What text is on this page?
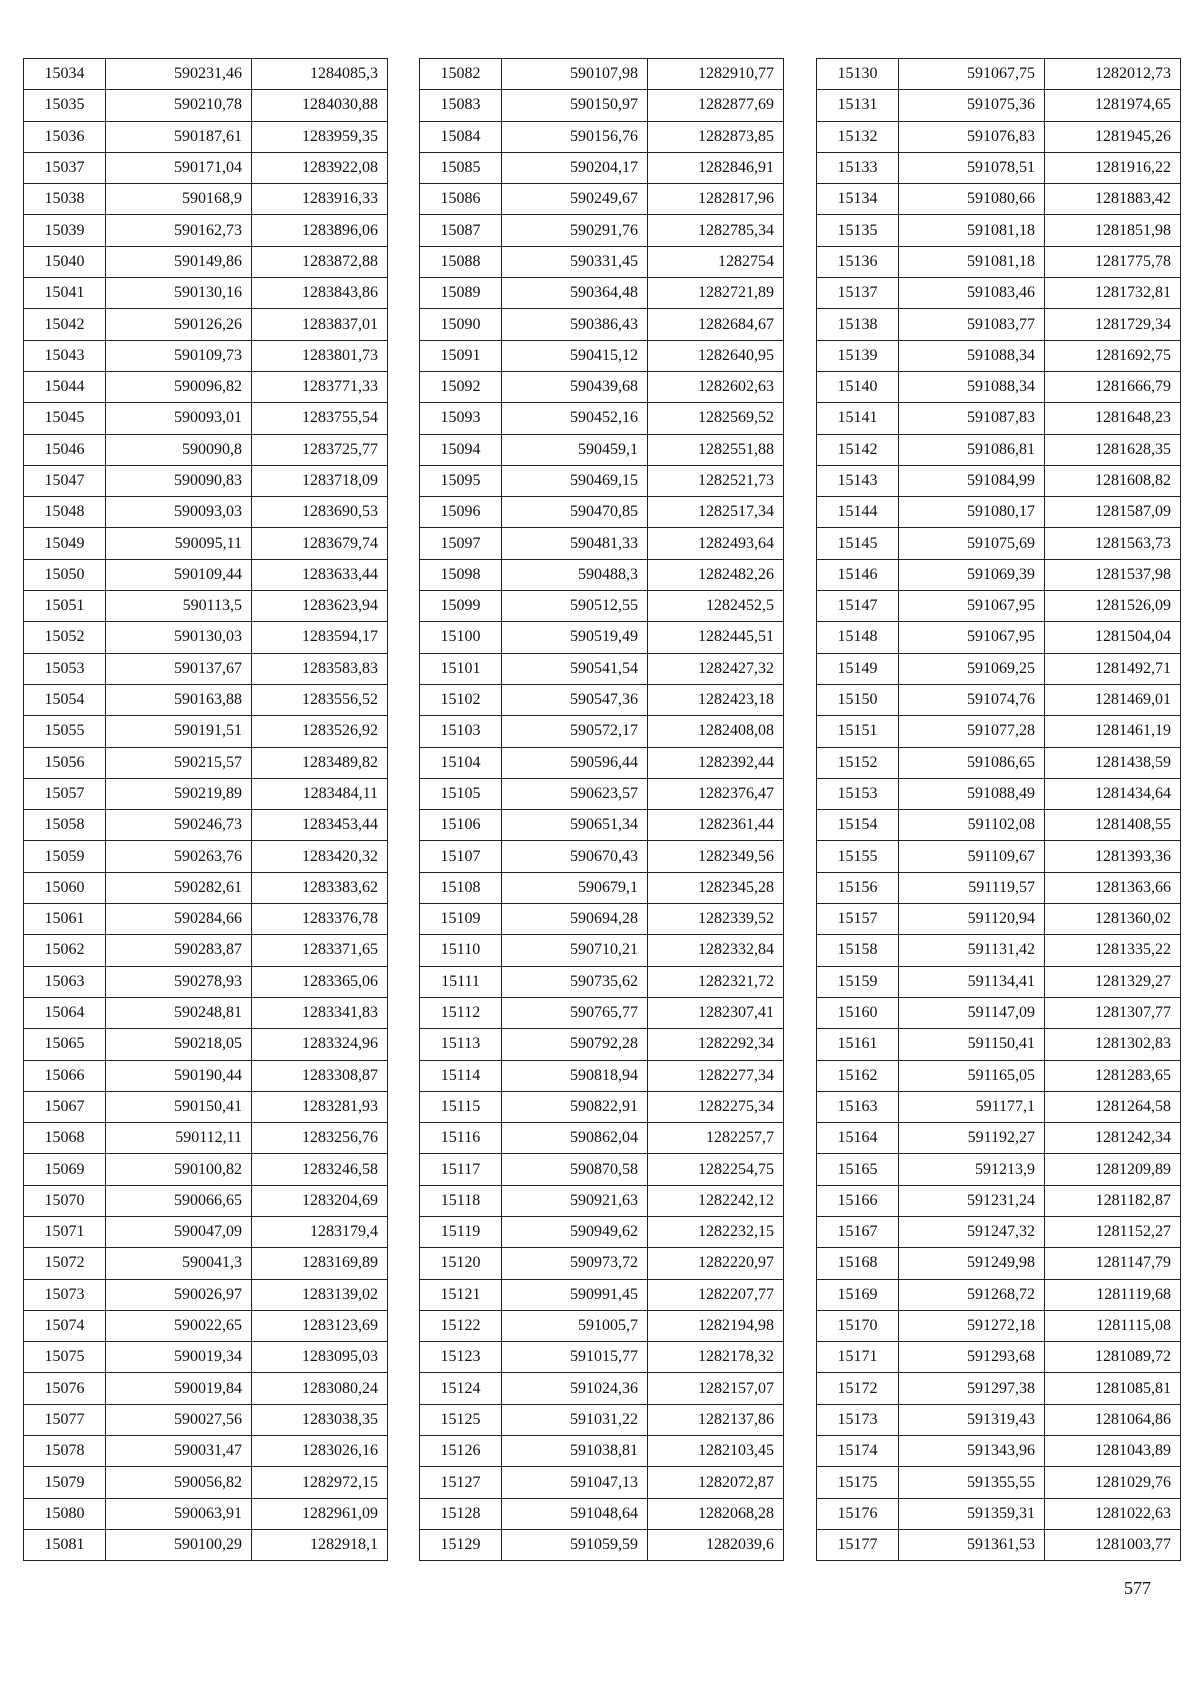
15034	590231,46	1284085,3
15035	590210,78	1284030,88
15036	590187,61	1283959,35
15037	590171,04	1283922,08
15038	590168,9	1283916,33
15039	590162,73	1283896,06
15040	590149,86	1283872,88
15041	590130,16	1283843,86
15042	590126,26	1283837,01
15043	590109,73	1283801,73
15044	590096,82	1283771,33
15045	590093,01	1283755,54
15046	590090,8	1283725,77
15047	590090,83	1283718,09
15048	590093,03	1283690,53
15049	590095,11	1283679,74
15050	590109,44	1283633,44
15051	590113,5	1283623,94
15052	590130,03	1283594,17
15053	590137,67	1283583,83
15054	590163,88	1283556,52
15055	590191,51	1283526,92
15056	590215,57	1283489,82
15057	590219,89	1283484,11
15058	590246,73	1283453,44
15059	590263,76	1283420,32
15060	590282,61	1283383,62
15061	590284,66	1283376,78
15062	590283,87	1283371,65
15063	590278,93	1283365,06
15064	590248,81	1283341,83
15065	590218,05	1283324,96
15066	590190,44	1283308,87
15067	590150,41	1283281,93
15068	590112,11	1283256,76
15069	590100,82	1283246,58
15070	590066,65	1283204,69
15071	590047,09	1283179,4
15072	590041,3	1283169,89
15073	590026,97	1283139,02
15074	590022,65	1283123,69
15075	590019,34	1283095,03
15076	590019,84	1283080,24
15077	590027,56	1283038,35
15078	590031,47	1283026,16
15079	590056,82	1282972,15
15080	590063,91	1282961,09
15081	590100,29	1282918,1
15082	590107,98	1282910,77
15083	590150,97	1282877,69
15084	590156,76	1282873,85
15085	590204,17	1282846,91
15086	590249,67	1282817,96
15087	590291,76	1282785,34
15088	590331,45	1282754
15089	590364,48	1282721,89
15090	590386,43	1282684,67
15091	590415,12	1282640,95
15092	590439,68	1282602,63
15093	590452,16	1282569,52
15094	590459,1	1282551,88
15095	590469,15	1282521,73
15096	590470,85	1282517,34
15097	590481,33	1282493,64
15098	590488,3	1282482,26
15099	590512,55	1282452,5
15100	590519,49	1282445,51
15101	590541,54	1282427,32
15102	590547,36	1282423,18
15103	590572,17	1282408,08
15104	590596,44	1282392,44
15105	590623,57	1282376,47
15106	590651,34	1282361,44
15107	590670,43	1282349,56
15108	590679,1	1282345,28
15109	590694,28	1282339,52
15110	590710,21	1282332,84
15111	590735,62	1282321,72
15112	590765,77	1282307,41
15113	590792,28	1282292,34
15114	590818,94	1282277,34
15115	590822,91	1282275,34
15116	590862,04	1282257,7
15117	590870,58	1282254,75
15118	590921,63	1282242,12
15119	590949,62	1282232,15
15120	590973,72	1282220,97
15121	590991,45	1282207,77
15122	591005,7	1282194,98
15123	591015,77	1282178,32
15124	591024,36	1282157,07
15125	591031,22	1282137,86
15126	591038,81	1282103,45
15127	591047,13	1282072,87
15128	591048,64	1282068,28
15129	591059,59	1282039,6
15130	591067,75	1282012,73
15131	591075,36	1281974,65
15132	591076,83	1281945,26
15133	591078,51	1281916,22
15134	591080,66	1281883,42
15135	591081,18	1281851,98
15136	591081,18	1281775,78
15137	591083,46	1281732,81
15138	591083,77	1281729,34
15139	591088,34	1281692,75
15140	591088,34	1281666,79
15141	591087,83	1281648,23
15142	591086,81	1281628,35
15143	591084,99	1281608,82
15144	591080,17	1281587,09
15145	591075,69	1281563,73
15146	591069,39	1281537,98
15147	591067,95	1281526,09
15148	591067,95	1281504,04
15149	591069,25	1281492,71
15150	591074,76	1281469,01
15151	591077,28	1281461,19
15152	591086,65	1281438,59
15153	591088,49	1281434,64
15154	591102,08	1281408,55
15155	591109,67	1281393,36
15156	591119,57	1281363,66
15157	591120,94	1281360,02
15158	591131,42	1281335,22
15159	591134,41	1281329,27
15160	591147,09	1281307,77
15161	591150,41	1281302,83
15162	591165,05	1281283,65
15163	591177,1	1281264,58
15164	591192,27	1281242,34
15165	591213,9	1281209,89
15166	591231,24	1281182,87
15167	591247,32	1281152,27
15168	591249,98	1281147,79
15169	591268,72	1281119,68
15170	591272,18	1281115,08
15171	591293,68	1281089,72
15172	591297,38	1281085,81
15173	591319,43	1281064,86
15174	591343,96	1281043,89
15175	591355,55	1281029,76
15176	591359,31	1281022,63
15177	591361,53	1281003,77
577
